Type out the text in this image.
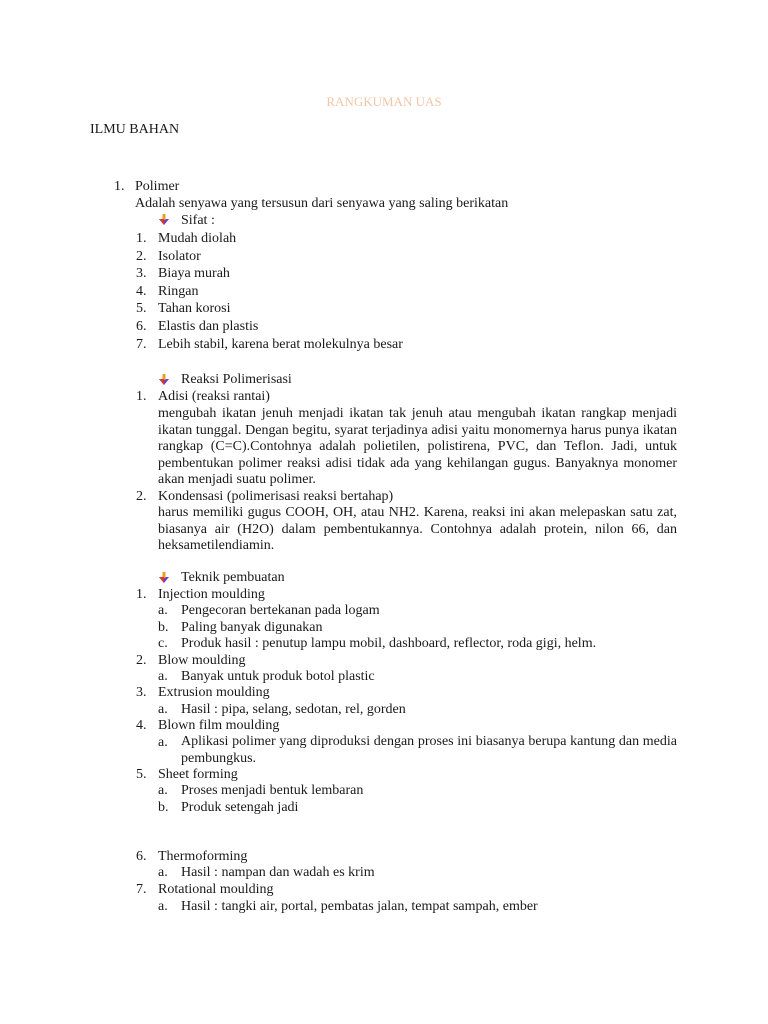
RANGKUMAN UAS
ILMU BAHAN
1. Polimer
Adalah senyawa yang tersusun dari senyawa yang saling berikatan
Sifat :
Reaksi Polimerisasi
1. Adisi (reaksi rantai)
mengubah ikatan jenuh menjadi ikatan tak jenuh atau mengubah ikatan rangkap menjadi ikatan tunggal. Dengan begitu, syarat terjadinya adisi yaitu monomernya harus punya ikatan rangkap (C=C).Contohnya adalah polietilen, polistirena, PVC, dan Teflon. Jadi, untuk pembentukan polimer reaksi adisi tidak ada yang kehilangan gugus. Banyaknya monomer akan menjadi suatu polimer.
2. Kondensasi (polimerisasi reaksi bertahap)
harus memiliki gugus COOH, OH, atau NH2. Karena, reaksi ini akan melepaskan satu zat, biasanya air (H2O) dalam pembentukannya. Contohnya adalah protein, nilon 66, dan heksametilendiamin.
Teknik pembuatan
1. Mudah diolah
2. Isolator
3. Biaya murah
4. Ringan
5. Tahan korosi
6. Elastis dan plastis
7. Lebih stabil, karena berat molekulnya besar
1. Injection moulding
a. Pengecoran bertekanan pada logam
b. Paling banyak digunakan
c. Produk hasil : penutup lampu mobil, dashboard, reflector, roda gigi, helm.
2. Blow moulding
a. Banyak untuk produk botol plastic
3. Extrusion moulding
a. Hasil : pipa, selang, sedotan, rel, gorden
4. Blown film moulding
a. Aplikasi polimer yang diproduksi dengan proses ini biasanya berupa kantung dan media pembungkus.
5. Sheet forming
a. Proses menjadi bentuk lembaran
b. Produk setengah jadi
6. Thermoforming
a. Hasil : nampan dan wadah es krim
7. Rotational moulding
a. Hasil : tangki air, portal, pembatas jalan, tempat sampah, ember
